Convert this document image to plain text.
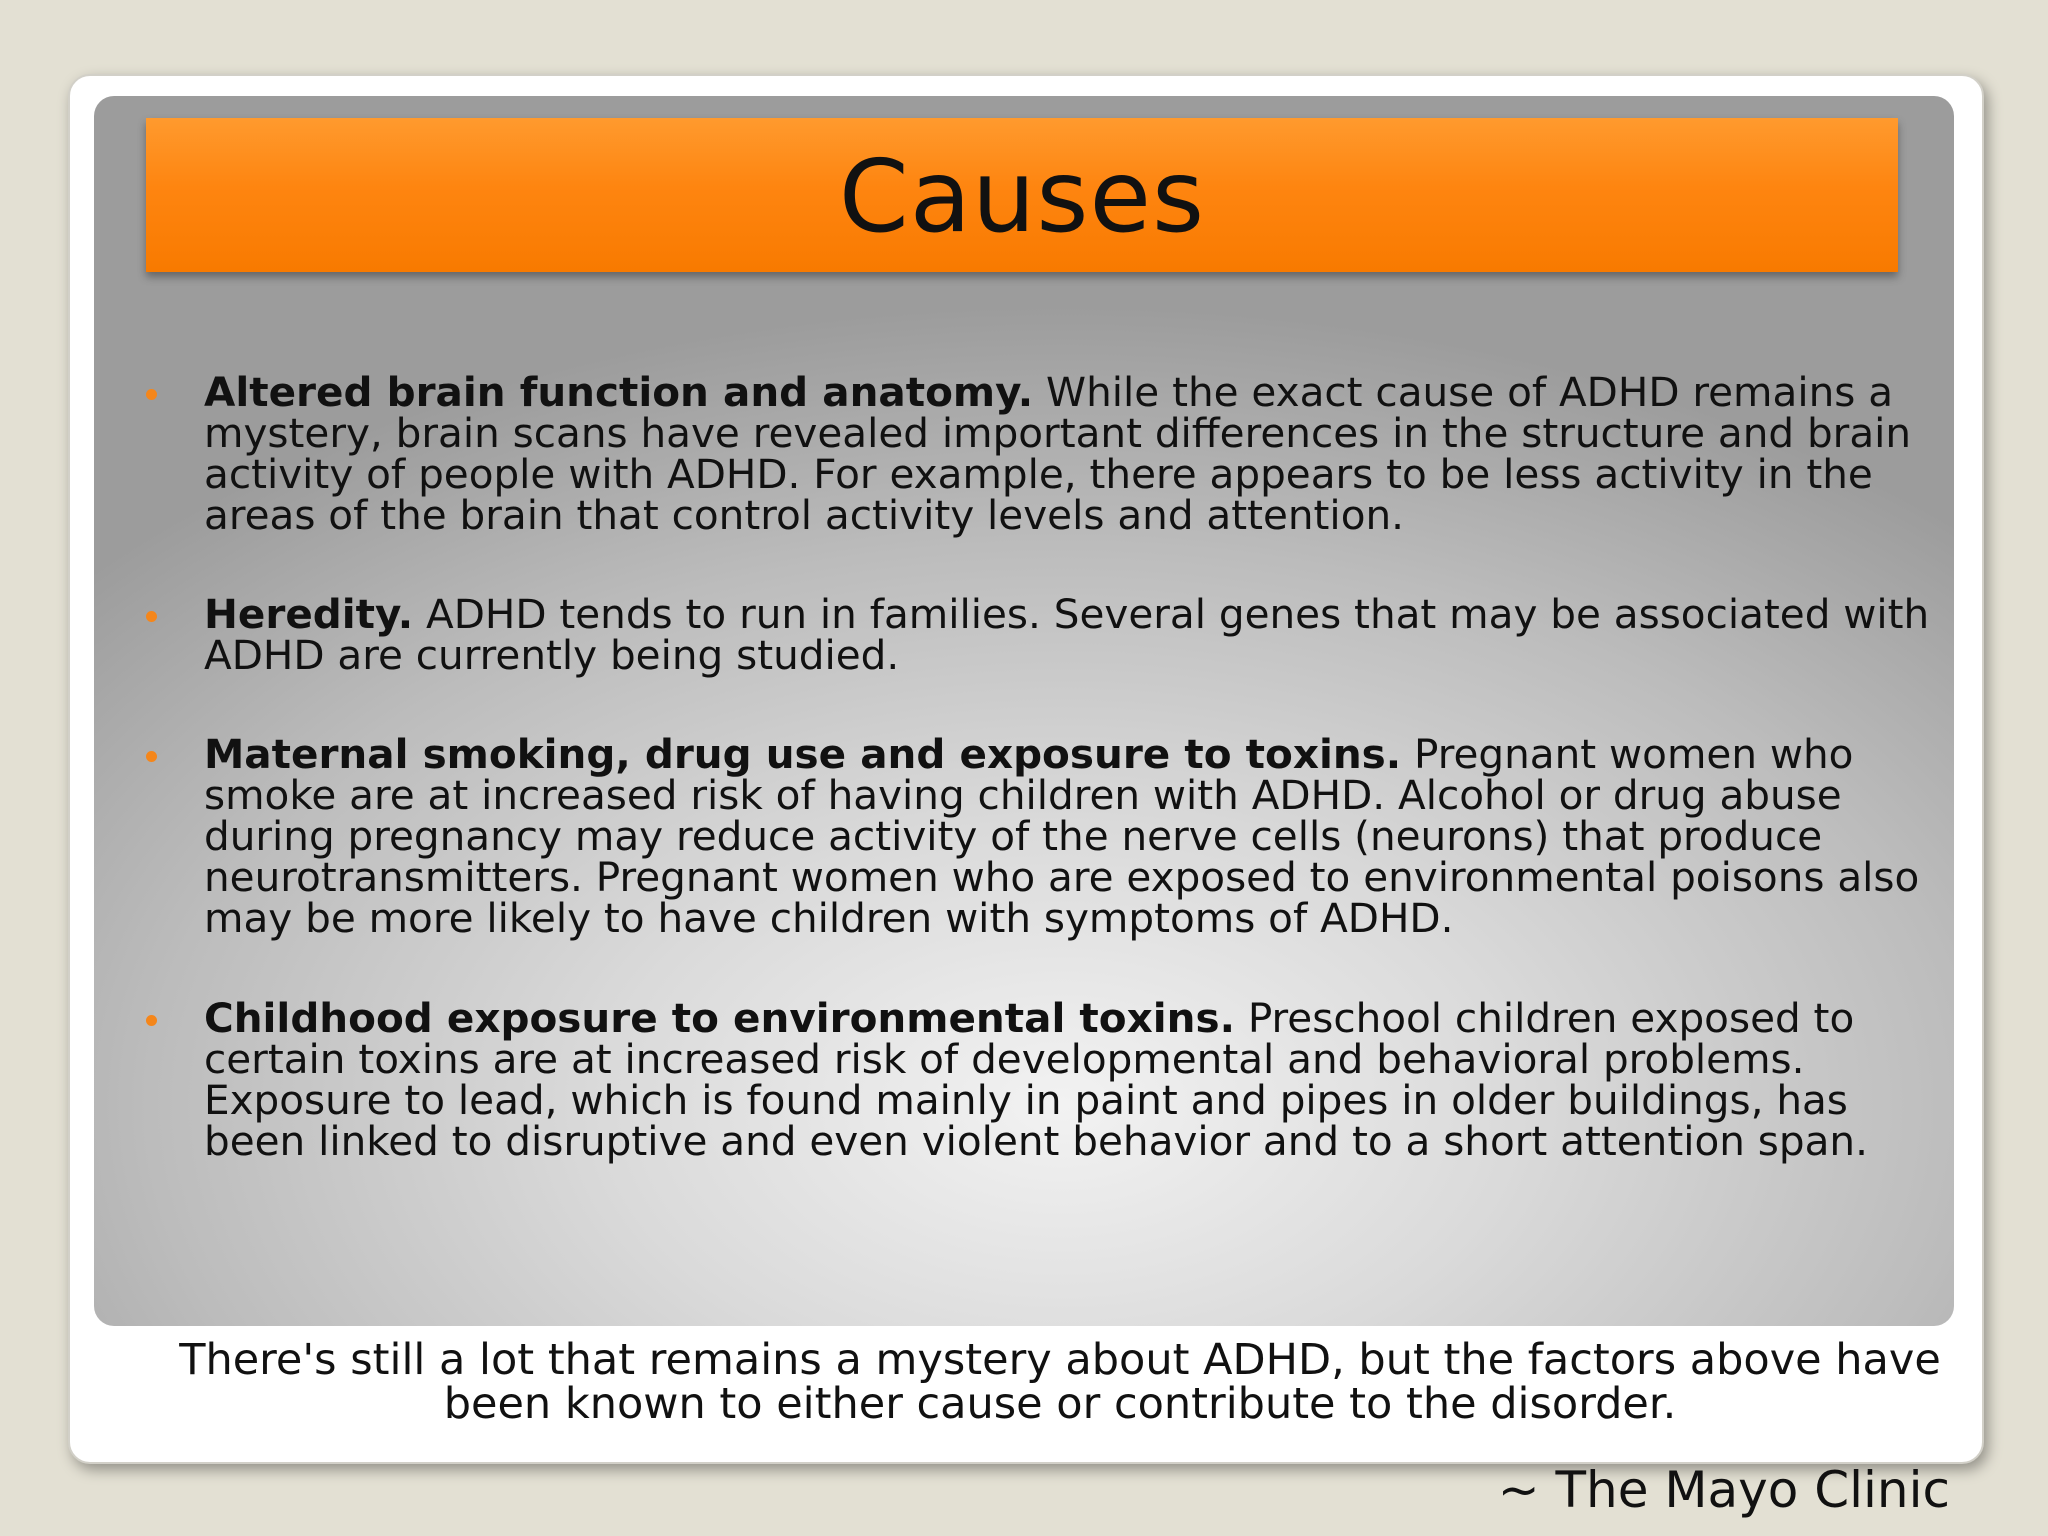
Causes
Altered brain function and anatomy. While the exact cause of ADHD remains a mystery, brain scans have revealed important differences in the structure and brain activity of people with ADHD. For example, there appears to be less activity in the areas of the brain that control activity levels and attention.
Heredity. ADHD tends to run in families. Several genes that may be associated with ADHD are currently being studied.
Maternal smoking, drug use and exposure to toxins. Pregnant women who smoke are at increased risk of having children with ADHD. Alcohol or drug abuse during pregnancy may reduce activity of the nerve cells (neurons) that produce neurotransmitters. Pregnant women who are exposed to environmental poisons also may be more likely to have children with symptoms of ADHD.
Childhood exposure to environmental toxins. Preschool children exposed to certain toxins are at increased risk of developmental and behavioral problems. Exposure to lead, which is found mainly in paint and pipes in older buildings, has been linked to disruptive and even violent behavior and to a short attention span.

There's still a lot that remains a mystery about ADHD, but the factors above have been known to either cause or contribute to the disorder.

~ The Mayo Clinic
